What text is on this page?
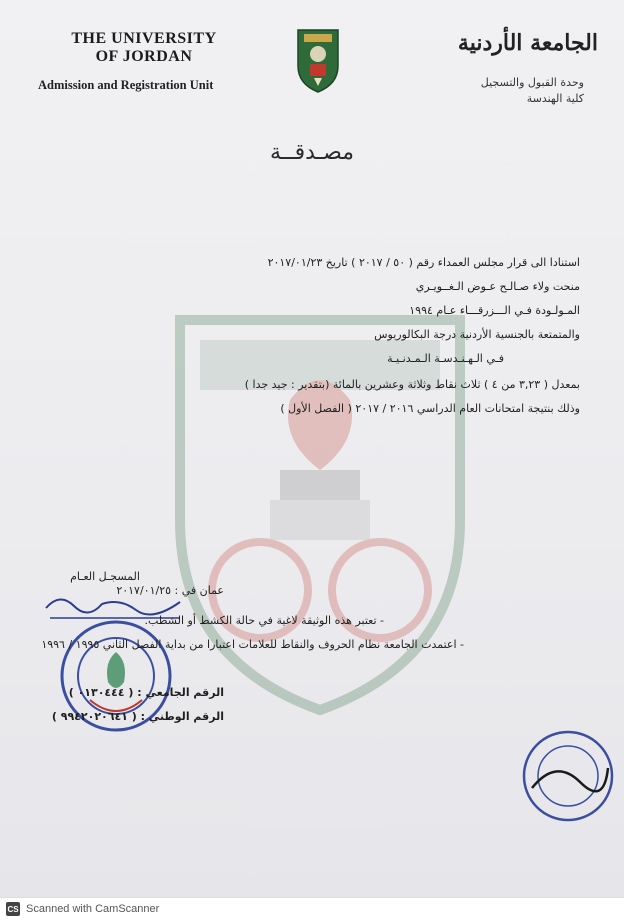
THE UNIVERSITY
OF JORDAN
Admission and Registration Unit
الجامعة الأردنية
وحدة القبول والتسجيل
كلية الهندسة
مصـدقــة
استنادا الى قرار مجلس العمداء رقم ( ٥٠ / ٢٠١٧ ) تاريخ ٢٠١٧/٠١/٢٣
منحت ولاء صـالـح عـوض الـغــويـري
المـولـودة فـي الـــزرقـــاء عـام ١٩٩٤
والمتمتعة بالجنسية الأردنية درجة البكالوريوس
فـي الـهـنـدسـة الـمـدنـيـة
بمعدل ( ٣,٢٣ من ٤ ) ثلاث نقاط وثلاثة وعشرين بالمائة (بتقدير : جيد جدا )
وذلك بنتيجة امتحانات العام الدراسي ٢٠١٦ / ٢٠١٧ ( الفصل الأول )
المسجـل العـام
عمان في : ٢٠١٧/٠١/٢٥
- تعتبر هذه الوثيقة لاغية في حالة الكشط أو الشطب.
- اعتمدت الجامعة نظام الحروف والنقاط للعلامات اعتبارا من بداية الفصل الثاني ١٩٩٥ / ١٩٩٦
الرقم الجامعي : ( ٠١٣٠٤٤٤ )
الرقم الوطني : ( ٩٩٤٢٠٢٠٦٤١ )
CS Scanned with CamScanner
